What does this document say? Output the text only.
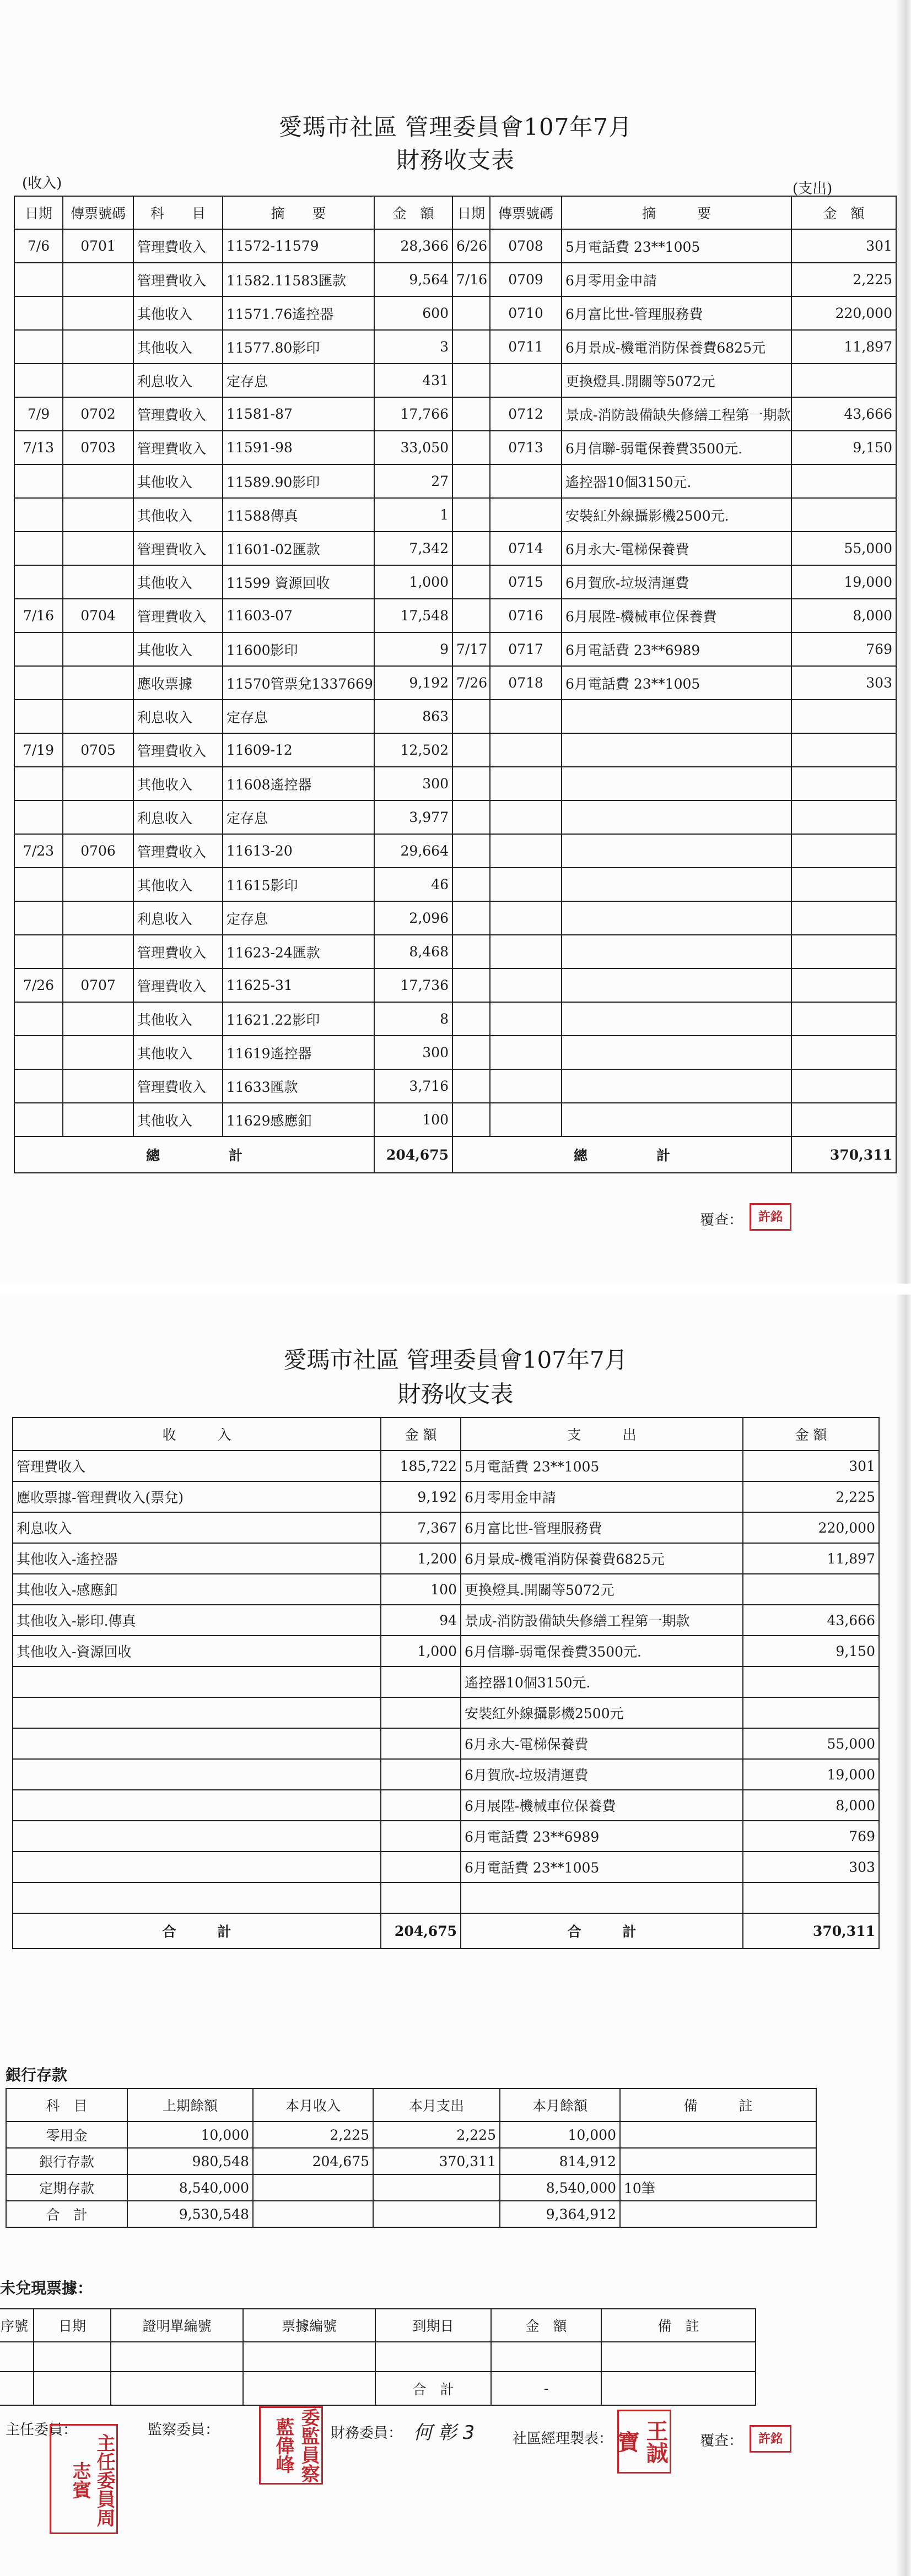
愛瑪市社區 管理委員會107年7月
財務收支表
(收入)	(支出)
日期	傳票號碼	科　　目	摘　　要	金　額	日期	傳票號碼	摘　　　要	金　額
7/6	0701	管理費收入	11572-11579	28,366	6/26	0708	5月電話費 23**1005	301
		管理費收入	11582.11583匯款	9,564	7/16	0709	6月零用金申請	2,225
		其他收入	11571.76遙控器	600		0710	6月富比世-管理服務費	220,000
		其他收入	11577.80影印	3		0711	6月景成-機電消防保養費6825元	11,897
		利息收入	定存息	431			更換燈具.開關等5072元	
7/9	0702	管理費收入	11581-87	17,766		0712	景成-消防設備缺失修繕工程第一期款	43,666
7/13	0703	管理費收入	11591-98	33,050		0713	6月信聯-弱電保養費3500元.	9,150
		其他收入	11589.90影印	27			遙控器10個3150元.	
		其他收入	11588傳真	1			安裝紅外線攝影機2500元.	
		管理費收入	11601-02匯款	7,342		0714	6月永大-電梯保養費	55,000
		其他收入	11599 資源回收	1,000		0715	6月賀欣-垃圾清運費	19,000
7/16	0704	管理費收入	11603-07	17,548		0716	6月展陞-機械車位保養費	8,000
		其他收入	11600影印	9	7/17	0717	6月電話費 23**6989	769
		應收票據	11570管票兌1337669	9,192	7/26	0718	6月電話費 23**1005	303
		利息收入	定存息	863				
7/19	0705	管理費收入	11609-12	12,502				
		其他收入	11608遙控器	300				
		利息收入	定存息	3,977				
7/23	0706	管理費收入	11613-20	29,664				
		其他收入	11615影印	46				
		利息收入	定存息	2,096				
		管理費收入	11623-24匯款	8,468				
7/26	0707	管理費收入	11625-31	17,736				
		其他收入	11621.22影印	8				
		其他收入	11619遙控器	300				
		管理費收入	11633匯款	3,716				
		其他收入	11629感應釦	100				
總　　　　　計				204,675	總　　　　　計			370,311
覆查：	許銘
愛瑪市社區 管理委員會107年7月
財務收支表
收　　　入	金 額	支　　　出	金 額
管理費收入	185,722	5月電話費 23**1005	301
應收票據-管理費收入(票兌)	9,192	6月零用金申請	2,225
利息收入	7,367	6月富比世-管理服務費	220,000
其他收入-遙控器	1,200	6月景成-機電消防保養費6825元	11,897
其他收入-感應釦	100	更換燈具.開關等5072元	
其他收入-影印.傳真	94	景成-消防設備缺失修繕工程第一期款	43,666
其他收入-資源回收	1,000	6月信聯-弱電保養費3500元.	9,150
		遙控器10個3150元.	
		安裝紅外線攝影機2500元	
		6月永大-電梯保養費	55,000
		6月賀欣-垃圾清運費	19,000
		6月展陞-機械車位保養費	8,000
		6月電話費 23**6989	769
		6月電話費 23**1005	303

合　　　計	204,675	合　　　計	370,311
銀行存款
科　目	上期餘額	本月收入	本月支出	本月餘額	備　　　註
零用金	10,000	2,225	2,225	10,000	
銀行存款	980,548	204,675	370,311	814,912	
定期存款	8,540,000			8,540,000	10筆
合　計	9,530,548			9,364,912	
未兌現票據：
序號	日期	證明單編號	票據編號	到期日	金　額	備　註

				合　計	-	
主任委員：
主任委員周志賓
監察委員：	委監員察藍偉峰	財務委員： 何 彰 3	社區經理製表：	王誠寶	覆查：	許銘
